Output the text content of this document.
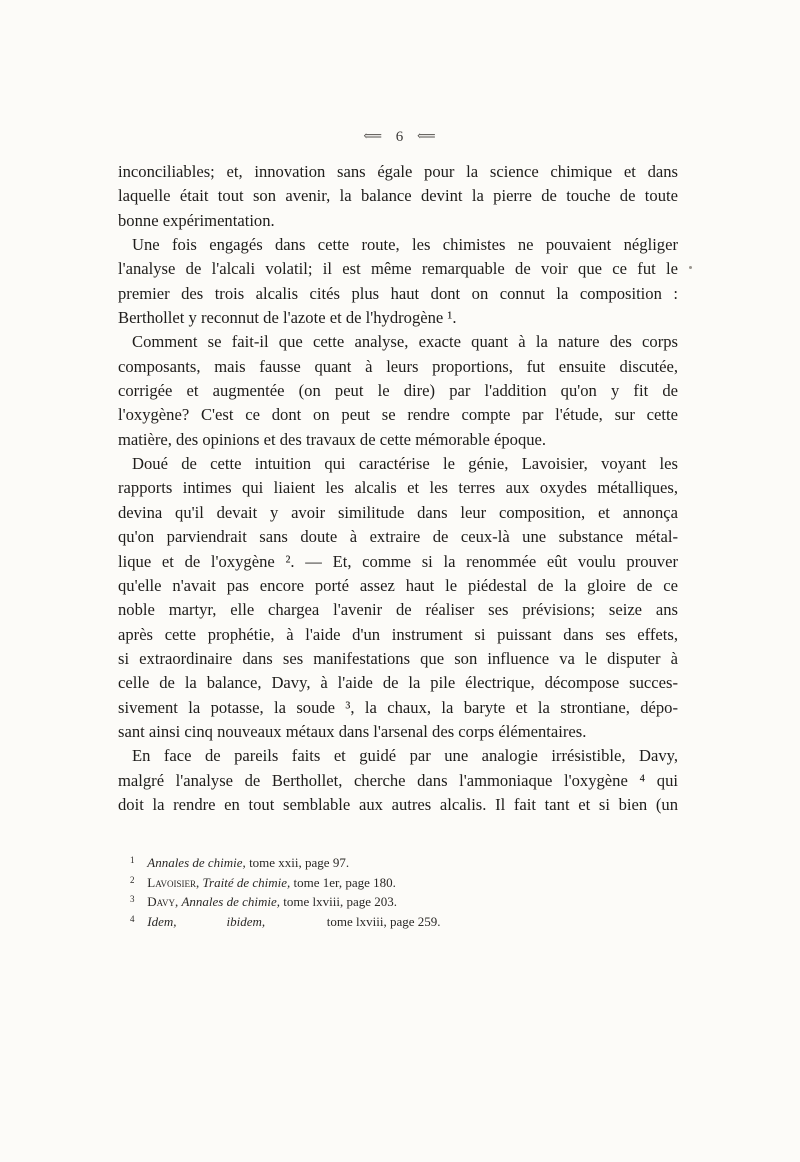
⟸ 6 ⟸
inconciliables; et, innovation sans égale pour la science chimique et dans
laquelle était tout son avenir, la balance devint la pierre de touche de toute
bonne expérimentation.
Une fois engagés dans cette route, les chimistes ne pouvaient négliger
l'analyse de l'alcali volatil; il est même remarquable de voir que ce fut le
premier des trois alcalis cités plus haut dont on connut la composition :
Berthollet y reconnut de l'azote et de l'hydrogène ¹.
Comment se fait-il que cette analyse, exacte quant à la nature des corps
composants, mais fausse quant à leurs proportions, fut ensuite discutée,
corrigée et augmentée (on peut le dire) par l'addition qu'on y fit de
l'oxygène? C'est ce dont on peut se rendre compte par l'étude, sur cette
matière, des opinions et des travaux de cette mémorable époque.
Doué de cette intuition qui caractérise le génie, Lavoisier, voyant les
rapports intimes qui liaient les alcalis et les terres aux oxydes métalliques,
devina qu'il devait y avoir similitude dans leur composition, et annonça
qu'on parviendrait sans doute à extraire de ceux-là une substance métal-
lique et de l'oxygène ². — Et, comme si la renommée eût voulu prouver
qu'elle n'avait pas encore porté assez haut le piédestal de la gloire de ce
noble martyr, elle chargea l'avenir de réaliser ses prévisions; seize ans
après cette prophétie, à l'aide d'un instrument si puissant dans ses effets,
si extraordinaire dans ses manifestations que son influence va le disputer à
celle de la balance, Davy, à l'aide de la pile électrique, décompose succes-
sivement la potasse, la soude ³, la chaux, la baryte et la strontiane, dépo-
sant ainsi cinq nouveaux métaux dans l'arsenal des corps élémentaires.
En face de pareils faits et guidé par une analogie irrésistible, Davy,
malgré l'analyse de Berthollet, cherche dans l'ammoniaque l'oxygène ⁴ qui
doit la rendre en tout semblable aux autres alcalis. Il fait tant et si bien (un
1 Annales de chimie, tome xxii, page 97.
2 Lavoisier, Traité de chimie, tome 1er, page 180.
3 Davy, Annales de chimie, tome lxviii, page 203.
4 Idem,	ibidem,	tome lxviii, page 259.
